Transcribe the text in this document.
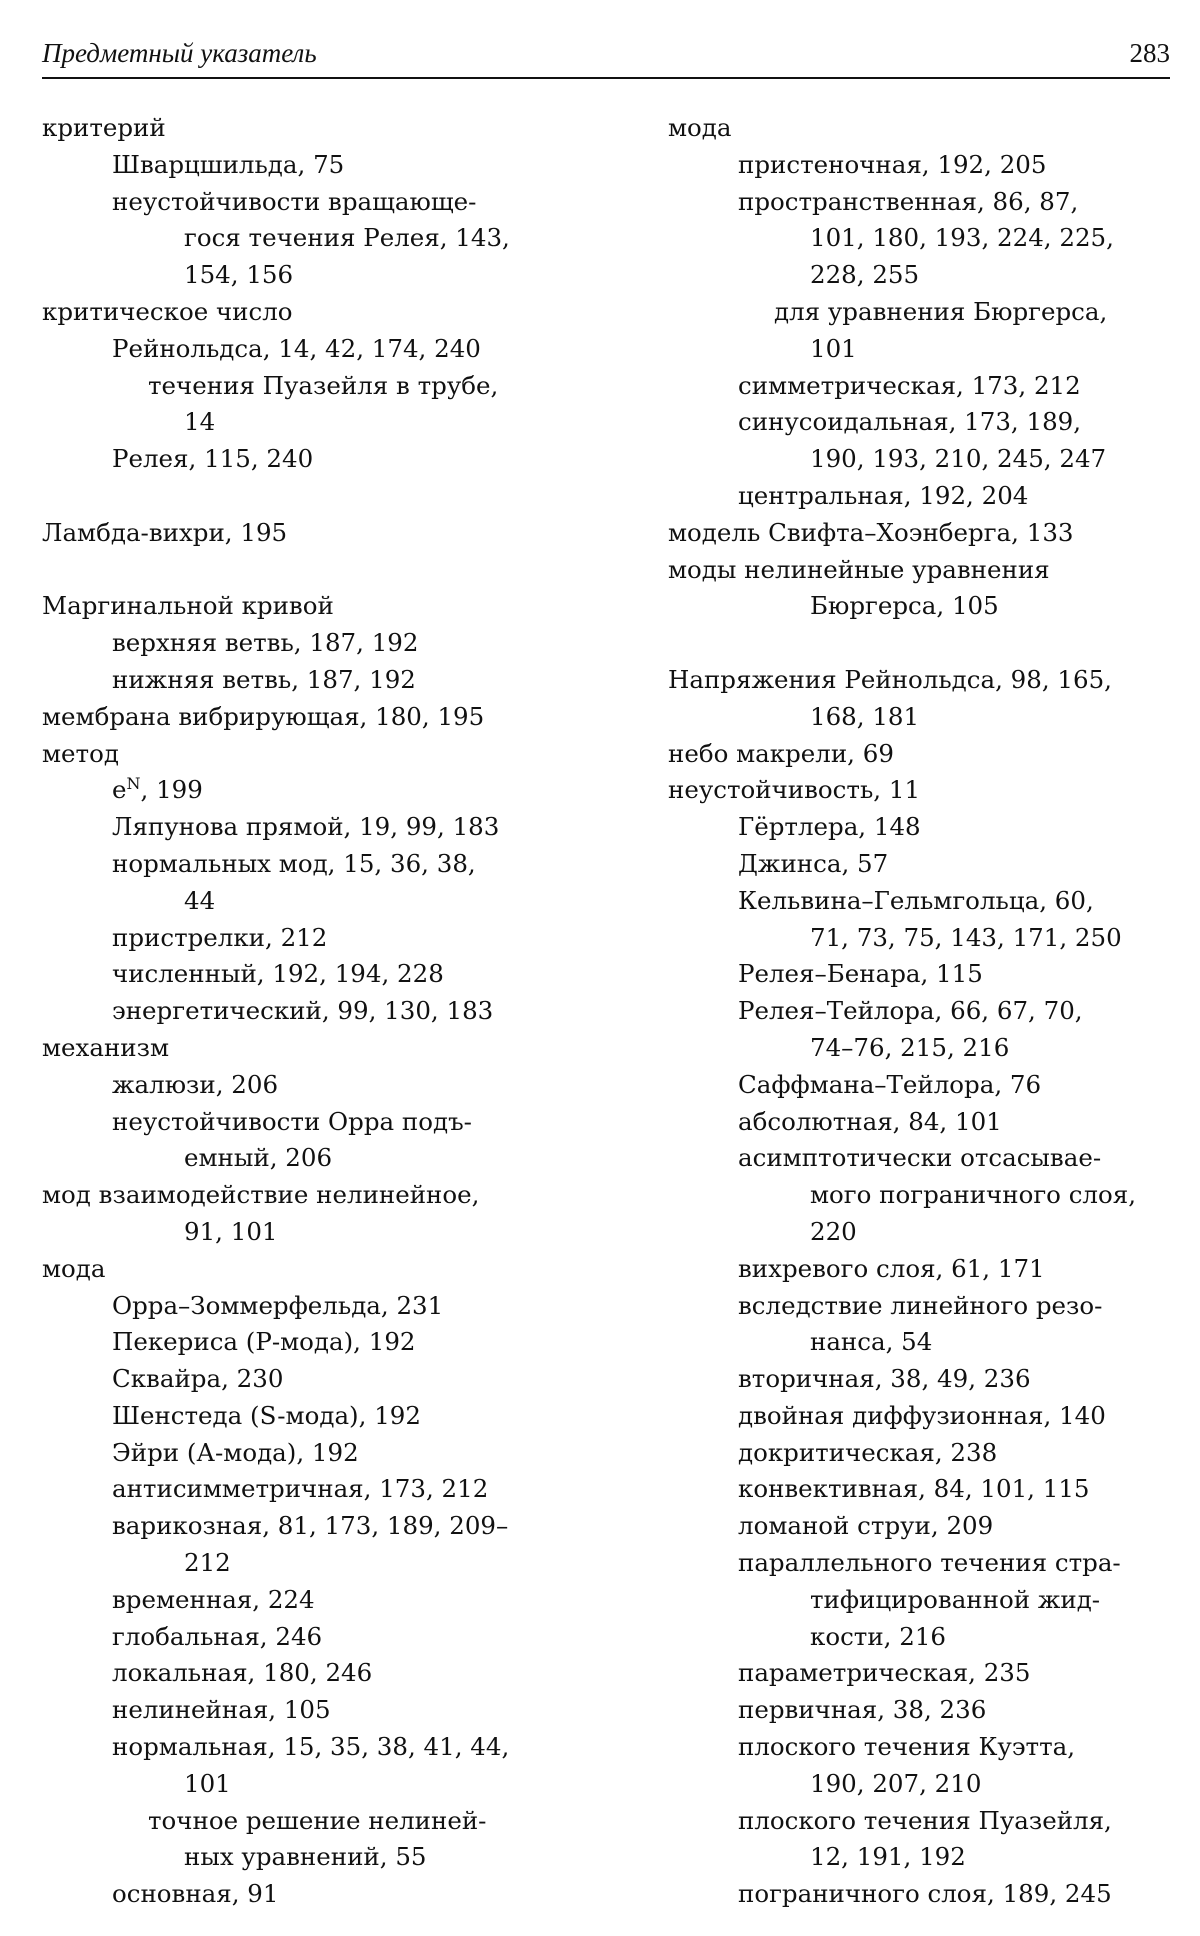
Предметный указатель	283
критерий
Шварцшильда, 75
неустойчивости вращающе-
гося течения Релея, 143,
154, 156
критическое число
Рейнольдса, 14, 42, 174, 240
течения Пуазейля в трубе,
14
Релея, 115, 240
Ламбда-вихри, 195
Маргинальной кривой
верхняя ветвь, 187, 192
нижняя ветвь, 187, 192
мембрана вибрирующая, 180, 195
метод
$e^N$, 199
Ляпунова прямой, 19, 99, 183
нормальных мод, 15, 36, 38,
44
пристрелки, 212
численный, 192, 194, 228
энергетический, 99, 130, 183
механизм
жалюзи, 206
неустойчивости Орра подъ-
емный, 206
мод взаимодействие нелинейное,
91, 101
мода
Орра–Зоммерфельда, 231
Пекериса (Р-мода), 192
Сквайра, 230
Шенстеда (S-мода), 192
Эйри (А-мода), 192
антисимметричная, 173, 212
варикозная, 81, 173, 189, 209–
212
временная, 224
глобальная, 246
локальная, 180, 246
нелинейная, 105
нормальная, 15, 35, 38, 41, 44,
101
точное решение нелиней-
ных уравнений, 55
основная, 91
мода
пристеночная, 192, 205
пространственная, 86, 87,
101, 180, 193, 224, 225,
228, 255
для уравнения Бюргерса,
101
симметрическая, 173, 212
синусоидальная, 173, 189,
190, 193, 210, 245, 247
центральная, 192, 204
модель Свифта–Хоэнберга, 133
моды нелинейные уравнения
Бюргерса, 105
Напряжения Рейнольдса, 98, 165,
168, 181
небо макрели, 69
неустойчивость, 11
Гёртлера, 148
Джинса, 57
Кельвина–Гельмгольца, 60,
71, 73, 75, 143, 171, 250
Релея–Бенара, 115
Релея–Тейлора, 66, 67, 70,
74–76, 215, 216
Саффмана–Тейлора, 76
абсолютная, 84, 101
асимптотически отсасывае-
мого пограничного слоя,
220
вихревого слоя, 61, 171
вследствие линейного резо-
нанса, 54
вторичная, 38, 49, 236
двойная диффузионная, 140
докритическая, 238
конвективная, 84, 101, 115
ломаной струи, 209
параллельного течения стра-
тифицированной жид-
кости, 216
параметрическая, 235
первичная, 38, 236
плоского течения Куэтта,
190, 207, 210
плоского течения Пуазейля,
12, 191, 192
пограничного слоя, 189, 245
